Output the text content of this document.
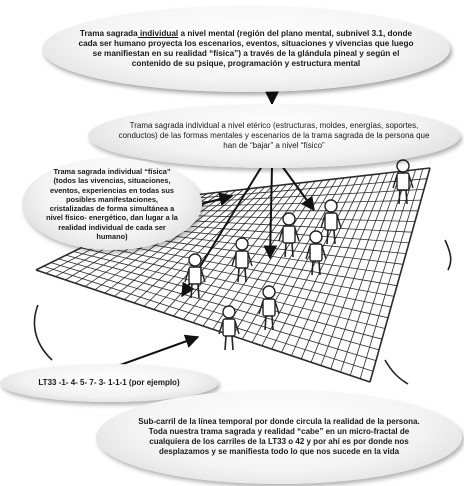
Trama sagrada individual a nivel mental (región del plano mental, subnivel 3.1, donde cada ser humano proyecta los escenarios, eventos, situaciones y vivencias que luego se manifiestan en su realidad “física”) a través de la glándula pineal y según el contenido de su psique, programación y estructura mental

Trama sagrada individual a nivel etérico (estructuras, moldes, energías, soportes, conductos) de las formas mentales y escenarios de la trama sagrada de la persona que han de “bajar” a nivel “físico”

Trama sagrada individual “física” (todos las vivencias, situaciones, eventos, experiencias en todas sus posibles manifestaciones, cristalizadas de forma simultánea a nivel físico- energético, dan lugar a la realidad individual de cada ser humano)

LT33 -1- 4- 5- 7- 3- 1-1-1 (por ejemplo)

Sub-carril de la línea temporal por donde circula la realidad de la persona. Toda nuestra trama sagrada y realidad “cabe” en un micro-fractal de cualquiera de los carriles de la LT33 o 42 y por ahí es por donde nos desplazamos y se manifiesta todo lo que nos sucede en la vida
